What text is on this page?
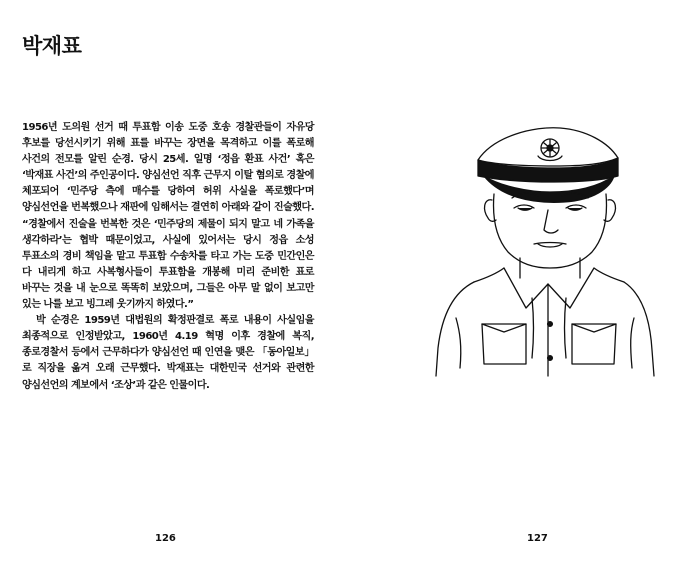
박재표

1956년 도의원 선거 때 투표함 이송 도중 호송 경찰관들이 자유당 후보를 당선시키기 위해 표를 바꾸는 장면을 목격하고 이를 폭로해 사건의 전모를 알린 순경. 당시 25세. 일명 ‘정읍 환표 사건’ 혹은 ‘박재표 사건’의 주인공이다. 양심선언 직후 근무지 이탈 혐의로 경찰에 체포되어 ‘민주당 측에 매수를 당하여 허위 사실을 폭로했다’며 양심선언을 번복했으나 재판에 임해서는 결연히 아래와 같이 진술했다. “경찰에서 진술을 번복한 것은 ‘민주당의 제물이 되지 말고 네 가족을 생각하라’는 협박 때문이었고, 사실에 있어서는 당시 정읍 소성 투표소의 경비 책임을 맡고 투표함 수송차를 타고 가는 도중 민간인은 다 내리게 하고 사복형사들이 투표함을 개봉해 미리 준비한 표로 바꾸는 것을 내 눈으로 똑똑히 보았으며, 그들은 아무 말 없이 보고만 있는 나를 보고 빙그레 웃기까지 하였다.”

박 순경은 1959년 대법원의 확정판결로 폭로 내용이 사실임을 최종적으로 인정받았고, 1960년 4.19 혁명 이후 경찰에 복직, 종로경찰서 등에서 근무하다가 양심선언 때 인연을 맺은 「동아일보」로 직장을 옮겨 오래 근무했다. 박재표는 대한민국 선거와 관련한 양심선언의 계보에서 ‘조상’과 같은 인물이다.

126	127
